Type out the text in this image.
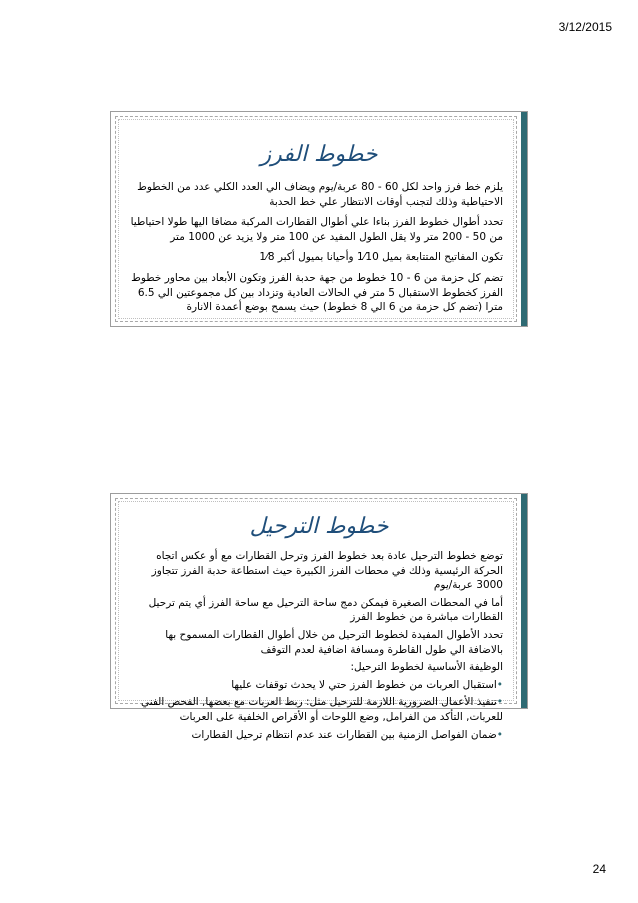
3/12/2015
خطوط الفرز

يلزم خط فرز واحد لكل 60 - 80 عربة/يوم ويضاف الي العدد الكلي عدد من الخطوط الاحتياطية وذلك لتجنب أوقات الانتظار علي خط الحدبة

تحدد أطوال خطوط الفرز بناءا علي أطوال القطارات المركبة مضافا اليها طولا احتياطيا من 50 - 200 متر ولا يقل الطول المفيد عن 100 متر ولا يزيد عن 1000 متر

تكون المفاتيح المتتابعة بميل 1⁄10 وأحيانا بميول أكبر 1⁄8

تضم كل حزمة من 6 - 10 خطوط من جهة حدبة الفرز وتكون الأبعاد بين محاور خطوط الفرز كخطوط الاستقبال 5 متر في الحالات العادية وتزداد بين كل مجموعتين الي 6.5 مترا (تضم كل حزمة من 6 الي 8 خطوط) حيث يسمح بوضع أعمدة الانارة

خطوط الترحيل

توضع خطوط الترحيل عادة بعد خطوط الفرز وترحل القطارات مع أو عكس اتجاه الحركة الرئيسية وذلك في محطات الفرز الكبيرة حيث استطاعة حدبة الفرز تتجاوز 3000 عربة/يوم

أما في المحطات الصغيرة فيمكن دمج ساحة الترحيل مع ساحة الفرز أي يتم ترحيل القطارات مباشرة من خطوط الفرز

تحدد الأطوال المفيدة لخطوط الترحيل من خلال أطوال القطارات المسموح بها بالاضافة الي طول القاطرة ومسافة اضافية لعدم التوقف

الوظيفة الأساسية لخطوط الترحيل:

•استقبال العربات من خطوط الفرز حتي لا يحدث توقفات عليها

•تنفيذ الأعمال الضرورية اللازمة للترحيل مثل: ربط العربات مع بعضها, الفحص الفني للعربات, التأكد من الفرامل, وضع اللوحات أو الأقراص الخلفية على العربات

•ضمان الفواصل الزمنية بين القطارات عند عدم انتظام ترحيل القطارات

24
